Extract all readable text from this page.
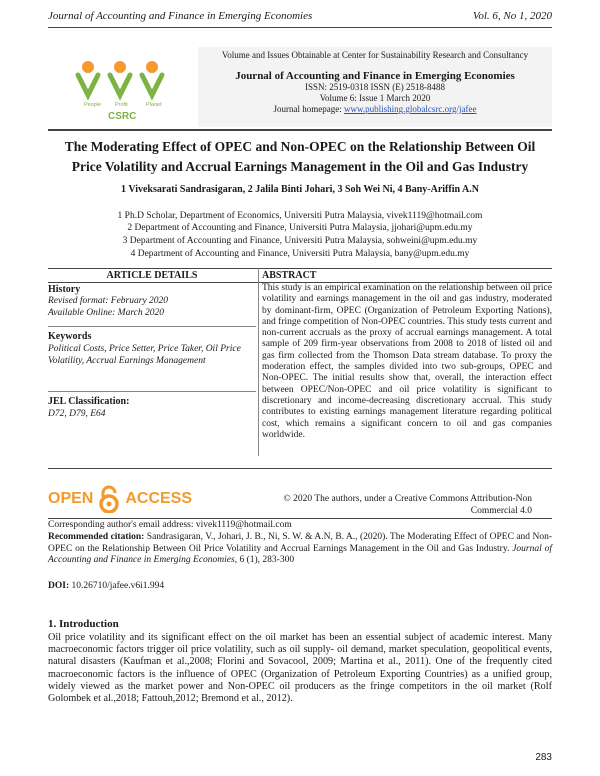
Journal of Accounting and Finance in Emerging Economies	Vol. 6, No 1, 2020
People	Profit	Planet
CSRC
Volume and Issues Obtainable at Center for Sustainability Research and Consultancy
Journal of Accounting and Finance in Emerging Economies
ISSN: 2519-0318 ISSN (E) 2518-8488
Volume 6: Issue 1 March 2020
Journal homepage: www.publishing.globalcsrc.org/jafee
The Moderating Effect of OPEC and Non-OPEC on the Relationship Between Oil Price Volatility and Accrual Earnings Management in the Oil and Gas Industry
1 Viveksarati Sandrasigaran, 2 Jalila Binti Johari, 3 Soh Wei Ni, 4 Bany-Ariffin A.N
1 Ph.D Scholar, Department of Economics, Universiti Putra Malaysia, vivek1119@hotmail.com
2 Department of Accounting and Finance, Universiti Putra Malaysia, jjohari@upm.edu.my
3 Department of Accounting and Finance, Universiti Putra Malaysia, sohweini@upm.edu.my
4 Department of Accounting and Finance, Universiti Putra Malaysia, bany@upm.edu.my
ARTICLE DETAILS	ABSTRACT
History
Revised format: February 2020
Available Online: March 2020
Keywords
Political Costs, Price Setter, Price Taker, Oil Price Volatility, Accrual Earnings Management
JEL Classification:
D72, D79, E64
This study is an empirical examination on the relationship between oil price volatility and earnings management in the oil and gas industry, moderated by dominant-firm, OPEC (Organization of Petroleum Exporting Nations), and fringe competition of Non-OPEC countries. This study tests current and non-current accruals as the proxy of accrual earnings management. A total sample of 209 firm-year observations from 2008 to 2018 of listed oil and gas firm collected from the Thomson Data stream database. To proxy the moderation effect, the samples divided into two sub-groups, OPEC and Non-OPEC. The initial results show that, overall, the interaction effect between OPEC/Non-OPEC and oil price volatility is significant to discretionary and income-decreasing discretionary accrual. This study contributes to existing earnings management literature regarding political cost, which remains a significant concern to oil and gas companies worldwide.
OPEN ACCESS	© 2020 The authors, under a Creative Commons Attribution-Non Commercial 4.0
Corresponding author's email address: vivek1119@hotmail.com
Recommended citation: Sandrasigaran, V., Johari, J. B., Ni, S. W. & A.N, B. A., (2020). The Moderating Effect of OPEC and Non-OPEC on the Relationship Between Oil Price Volatility and Accrual Earnings Management in the Oil and Gas Industry. Journal of Accounting and Finance in Emerging Economies, 6 (1), 283-300
DOI: 10.26710/jafee.v6i1.994
1. Introduction
Oil price volatility and its significant effect on the oil market has been an essential subject of academic interest. Many macroeconomic factors trigger oil price volatility, such as oil supply- oil demand, market speculation, geopolitical events, natural disasters (Kaufman et al.,2008; Florini and Sovacool, 2009; Martina et al., 2011). One of the frequently cited macroeconomic factors is the influence of OPEC (Organization of Petroleum Exporting Countries) as a unified group, widely viewed as the market power and Non-OPEC oil producers as the fringe competitors in the oil market (Rolf Golombek et al.,2018; Fattouh,2012; Bremond et al., 2012).
283
